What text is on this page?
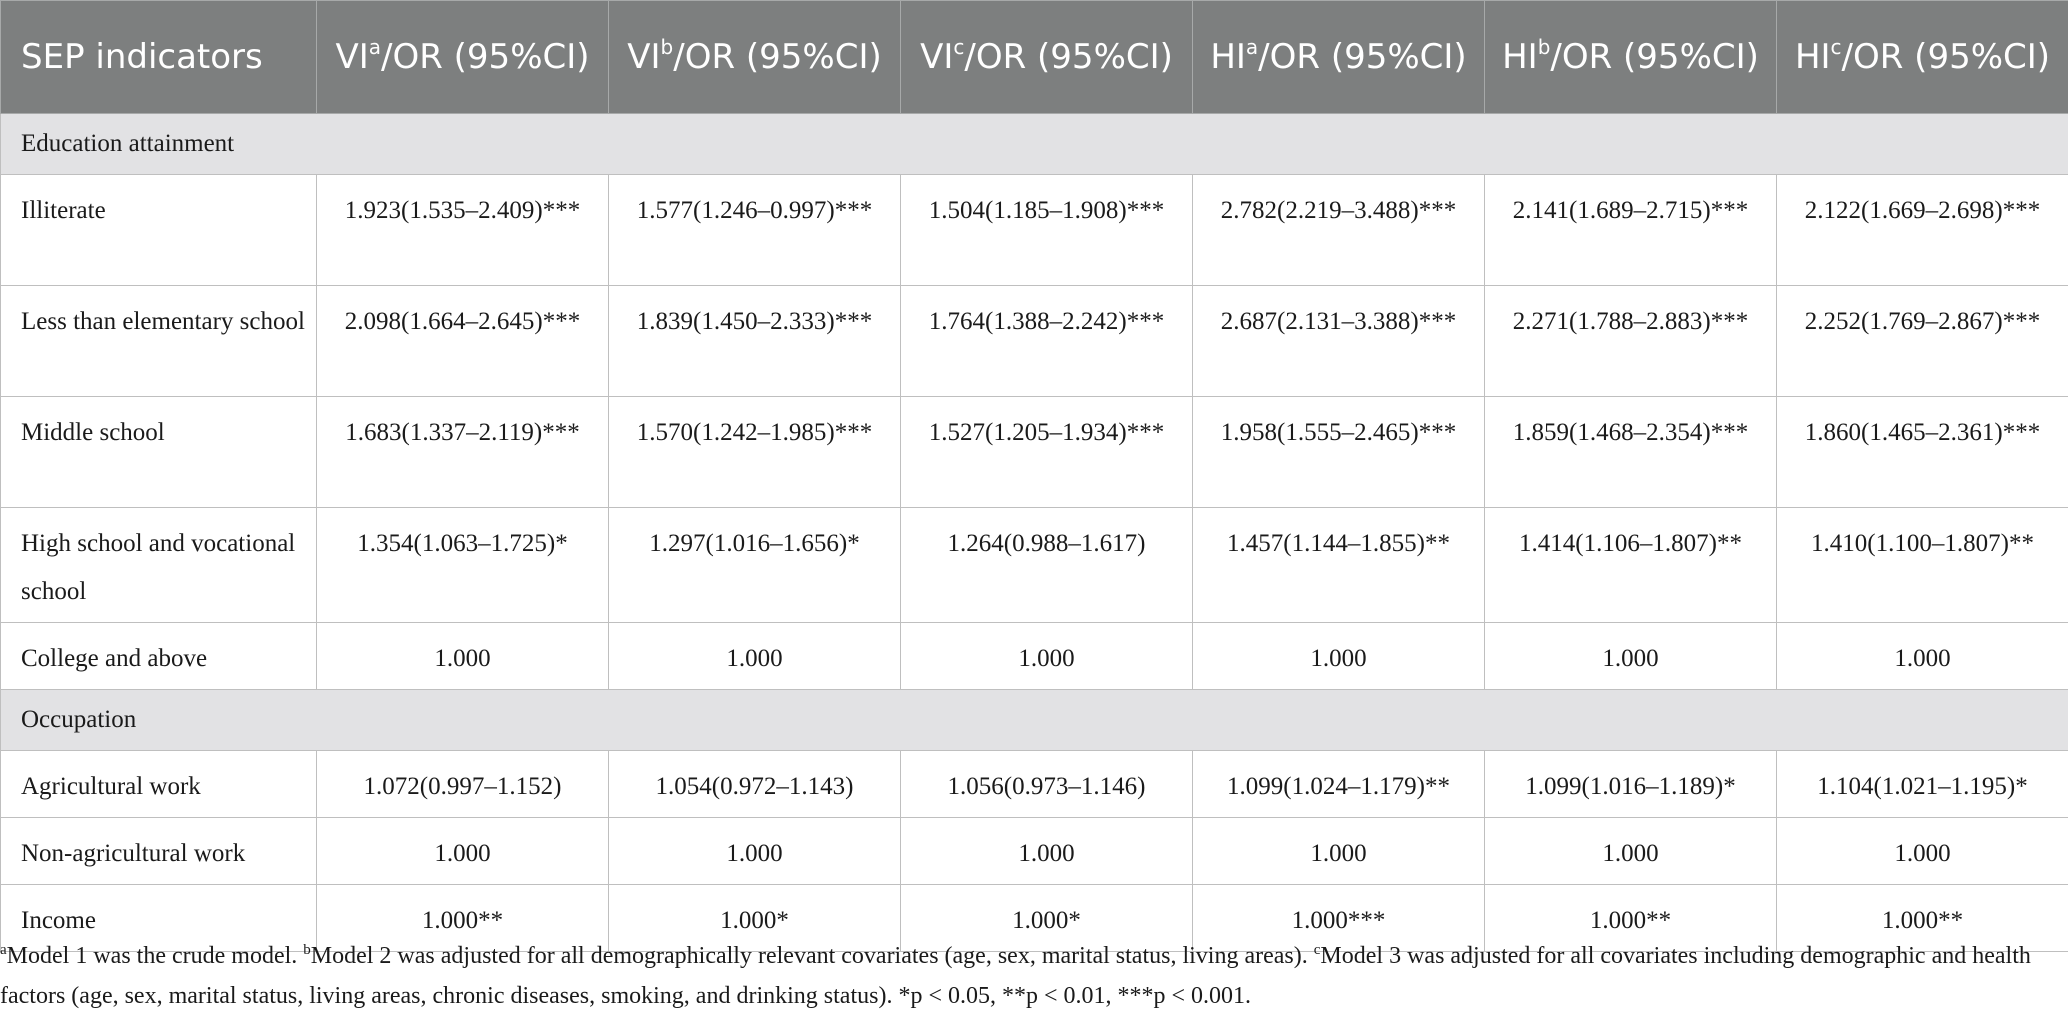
SEP indicators	$VI^a/OR$ (95%CI)	$VI^b/OR$ (95%CI)	$VI^c/OR$ (95%CI)	$HI^a/OR$ (95%CI)	$HI^b/OR$ (95%CI)	$HI^c/OR$ (95%CI)
Education attainment						
Illiterate	1.923(1.535–2.409)***	1.577(1.246–0.997)***	1.504(1.185–1.908)***	2.782(2.219–3.488)***	2.141(1.689–2.715)***	2.122(1.669–2.698)***
Less than elementary school	2.098(1.664–2.645)***	1.839(1.450–2.333)***	1.764(1.388–2.242)***	2.687(2.131–3.388)***	2.271(1.788–2.883)***	2.252(1.769–2.867)***
Middle school	1.683(1.337–2.119)***	1.570(1.242–1.985)***	1.527(1.205–1.934)***	1.958(1.555–2.465)***	1.859(1.468–2.354)***	1.860(1.465–2.361)***
High school and vocational school	1.354(1.063–1.725)*	1.297(1.016–1.656)*	1.264(0.988–1.617)	1.457(1.144–1.855)**	1.414(1.106–1.807)**	1.410(1.100–1.807)**
College and above	1.000	1.000	1.000	1.000	1.000	1.000
Occupation						
Agricultural work	1.072(0.997–1.152)	1.054(0.972–1.143)	1.056(0.973–1.146)	1.099(1.024–1.179)**	1.099(1.016–1.189)*	1.104(1.021–1.195)*
Non-agricultural work	1.000	1.000	1.000	1.000	1.000	1.000
Income	1.000**	1.000*	1.000*	1.000***	1.000**	1.000**
$^a$Model 1 was the crude model. $^b$Model 2 was adjusted for all demographically relevant covariates (age, sex, marital status, living areas). $^c$Model 3 was adjusted for all covariates including demographic and health factors (age, sex, marital status, living areas, chronic diseases, smoking, and drinking status). *p < 0.05, **p < 0.01, ***p < 0.001.
